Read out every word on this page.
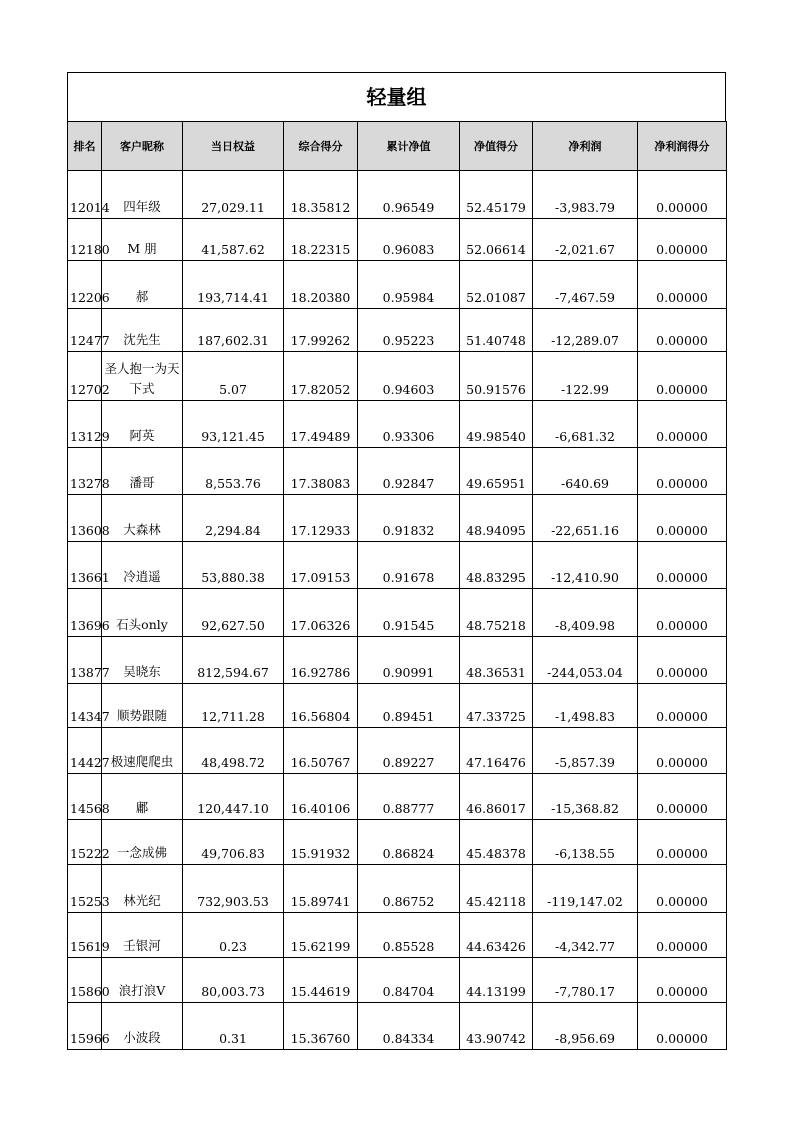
轻量组
排名	客户昵称	当日权益	综合得分	累计净值	净值得分	净利润	净利润得分
12014	四年级	27,029.11	18.35812	0.96549	52.45179	-3,983.79	0.00000
12180	M 朋	41,587.62	18.22315	0.96083	52.06614	-2,021.67	0.00000
12206	郝	193,714.41	18.20380	0.95984	52.01087	-7,467.59	0.00000
12477	沈先生	187,602.31	17.99262	0.95223	51.40748	-12,289.07	0.00000
12702	圣人抱一为天下式	5.07	17.82052	0.94603	50.91576	-122.99	0.00000
13129	阿英	93,121.45	17.49489	0.93306	49.98540	-6,681.32	0.00000
13278	潘哥	8,553.76	17.38083	0.92847	49.65951	-640.69	0.00000
13608	大森林	2,294.84	17.12933	0.91832	48.94095	-22,651.16	0.00000
13661	冷逍遥	53,880.38	17.09153	0.91678	48.83295	-12,410.90	0.00000
13696	石头only	92,627.50	17.06326	0.91545	48.75218	-8,409.98	0.00000
13877	吴晓东	812,594.67	16.92786	0.90991	48.36531	-244,053.04	0.00000
14347	顺势跟随	12,711.28	16.56804	0.89451	47.33725	-1,498.83	0.00000
14427	极速爬爬虫	48,498.72	16.50767	0.89227	47.16476	-5,857.39	0.00000
14568	鄘	120,447.10	16.40106	0.88777	46.86017	-15,368.82	0.00000
15222	一念成佛	49,706.83	15.91932	0.86824	45.48378	-6,138.55	0.00000
15253	林光纪	732,903.53	15.89741	0.86752	45.42118	-119,147.02	0.00000
15619	壬银河	0.23	15.62199	0.85528	44.63426	-4,342.77	0.00000
15860	浪打浪V	80,003.73	15.44619	0.84704	44.13199	-7,780.17	0.00000
15966	小波段	0.31	15.36760	0.84334	43.90742	-8,956.69	0.00000
